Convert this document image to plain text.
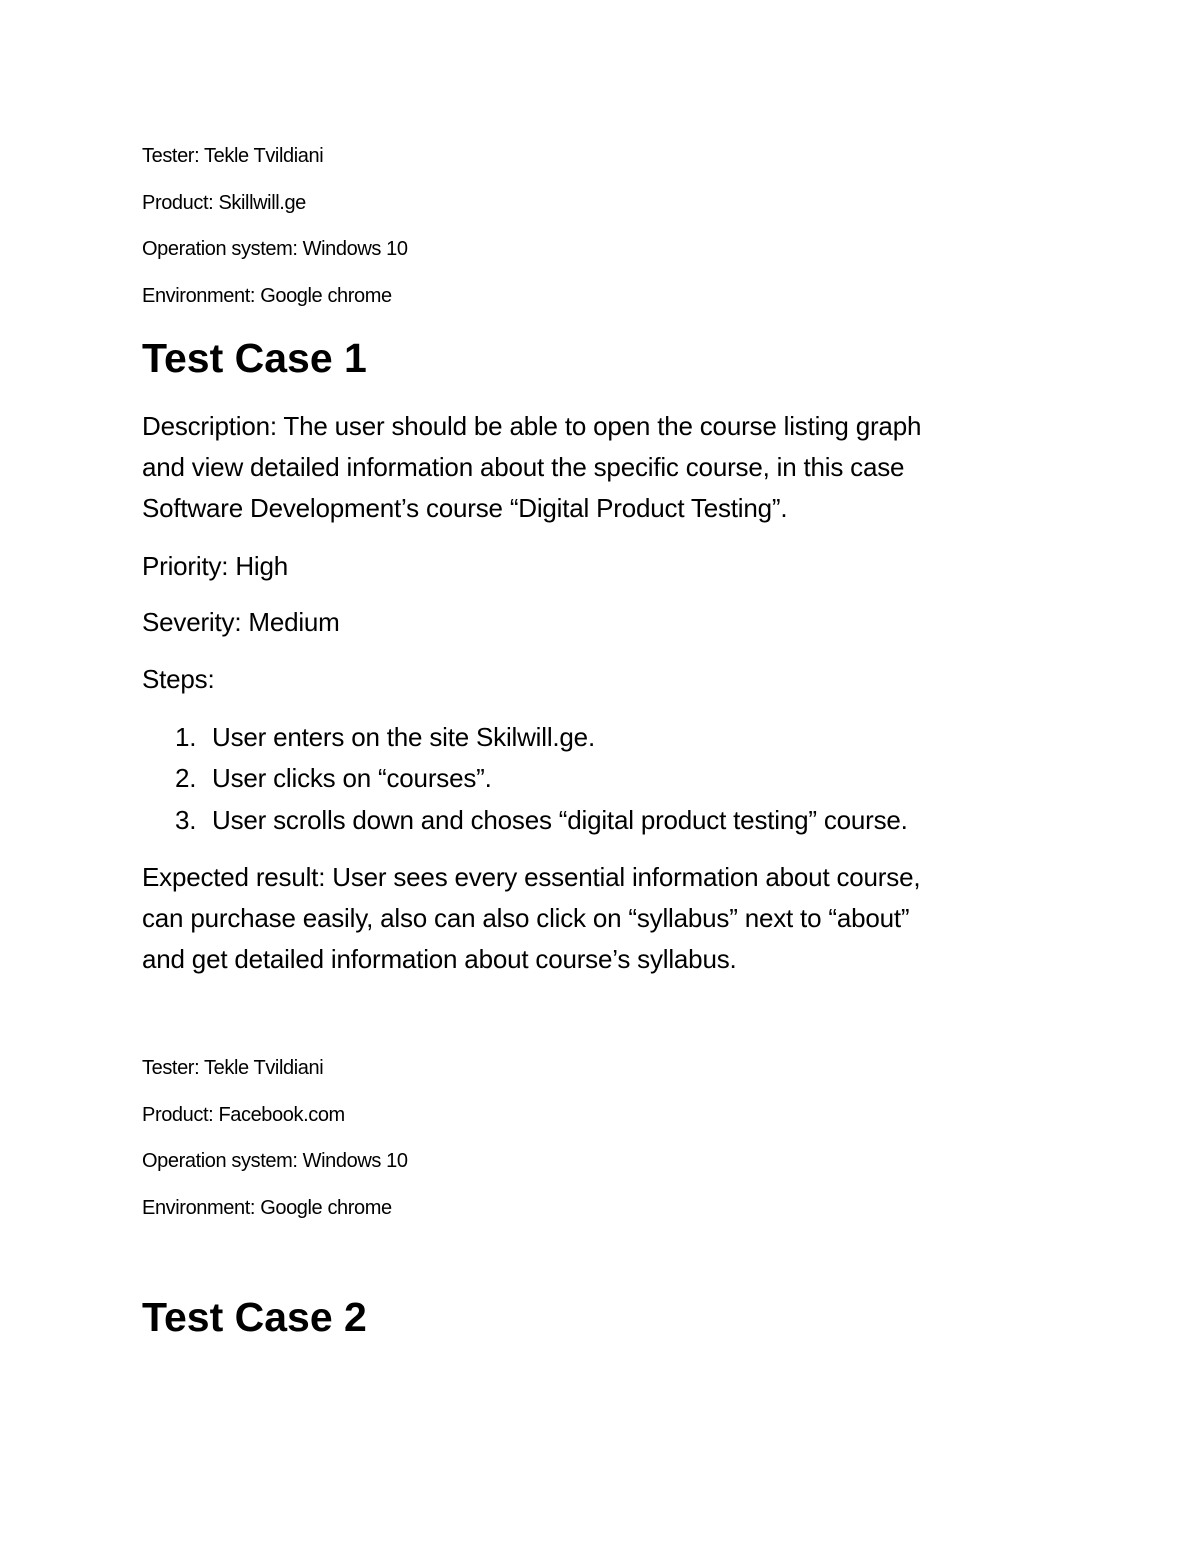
Tester: Tekle Tvildiani
Product: Skillwill.ge
Operation system: Windows 10
Environment: Google chrome
Test Case 1
Description: The user should be able to open the course listing graph
and view detailed information about the specific course, in this case
Software Development’s course “Digital Product Testing”.
Priority: High
Severity: Medium
Steps:
1. User enters on the site Skilwill.ge.
2. User clicks on “courses”.
3. User scrolls down and choses “digital product testing” course.
Expected result: User sees every essential information about course,
can purchase easily, also can also click on “syllabus” next to “about”
and get detailed information about course’s syllabus.
Tester: Tekle Tvildiani
Product: Facebook.com
Operation system: Windows 10
Environment: Google chrome
Test Case 2
